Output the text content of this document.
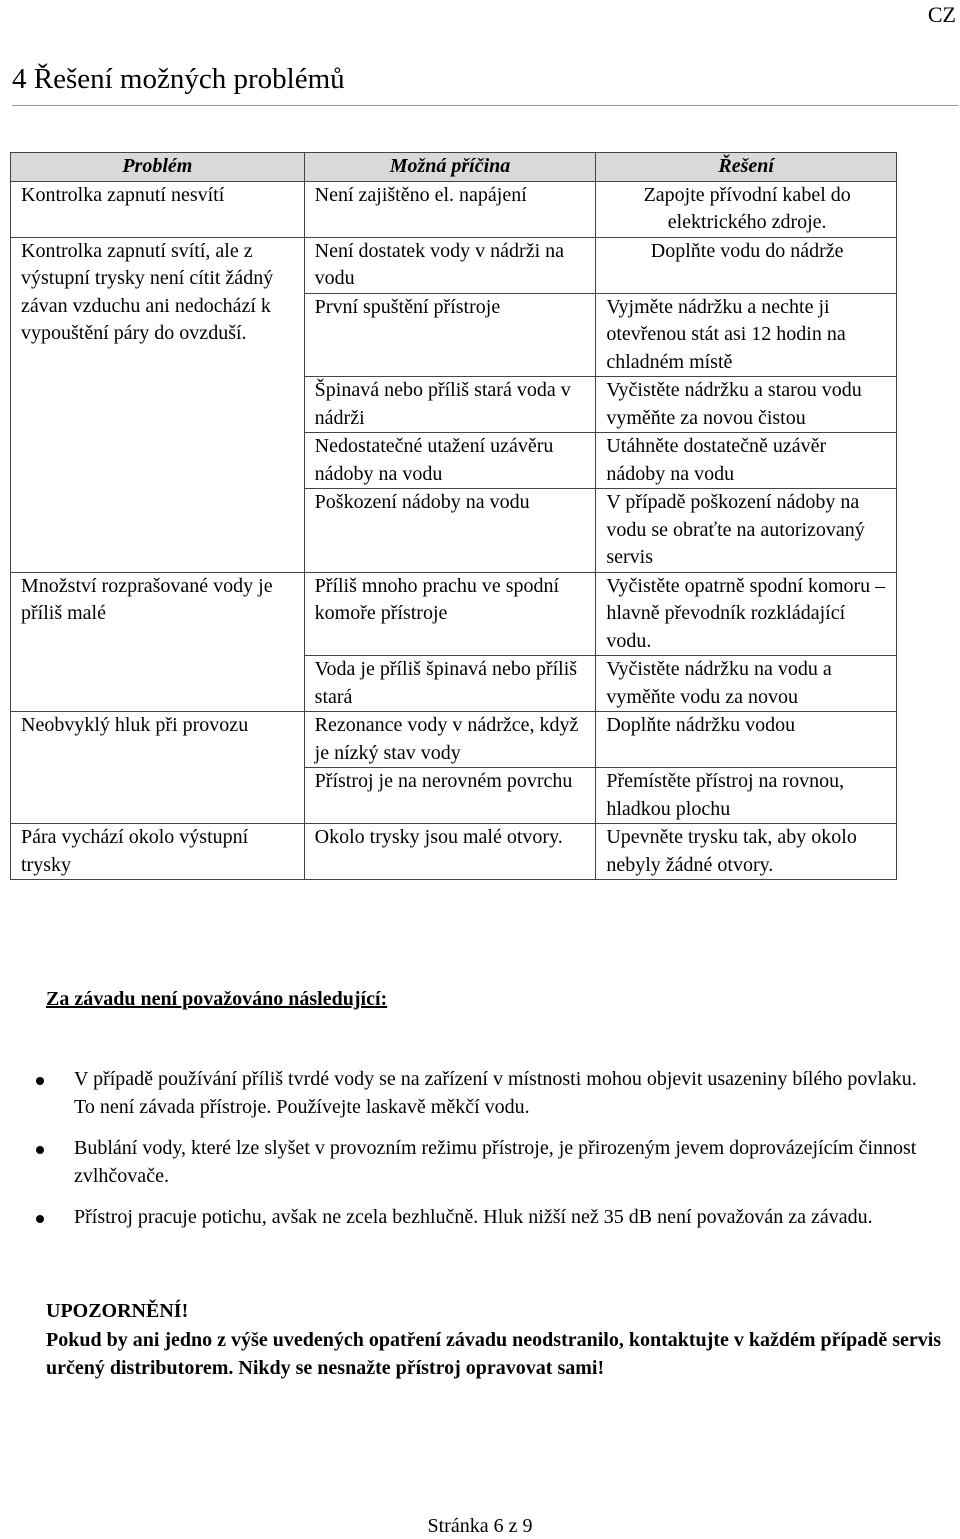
CZ
4 Řešení možných problémů
Problém	Možná příčina	Řešení
Kontrolka zapnutí nesvítí	Není zajištěno el. napájení	Zapojte přívodní kabel do elektrického zdroje.
Kontrolka zapnutí svítí, ale z výstupní trysky není cítit žádný závan vzduchu ani nedochází k vypouštění páry do ovzduší.	Není dostatek vody v nádrži na vodu	Doplňte vodu do nádrže
	První spuštění přístroje	Vyjměte nádržku a nechte ji otevřenou stát asi 12 hodin na chladném místě
	Špinavá nebo příliš stará voda v nádrži	Vyčistěte nádržku a starou vodu vyměňte za novou čistou
	Nedostatečné utažení uzávěru nádoby na vodu	Utáhněte dostatečně uzávěr nádoby na vodu
	Poškození nádoby na vodu	V případě poškození nádoby na vodu se obraťte na autorizovaný servis
Množství rozprašované vody je příliš malé	Příliš mnoho prachu ve spodní komoře přístroje	Vyčistěte opatrně spodní komoru – hlavně převodník rozkládající vodu.
	Voda je příliš špinavá nebo příliš stará	Vyčistěte nádržku na vodu a vyměňte vodu za novou
Neobvyklý hluk při provozu	Rezonance vody v nádržce, když je nízký stav vody	Doplňte nádržku vodou
	Přístroj je na nerovném povrchu	Přemístěte přístroj na rovnou, hladkou plochu
Pára vychází okolo výstupní trysky	Okolo trysky jsou malé otvory.	Upevněte trysku tak, aby okolo nebyly žádné otvory.
Za závadu není považováno následující:
V případě používání příliš tvrdé vody se na zařízení v místnosti mohou objevit usazeniny bílého povlaku. To není závada přístroje. Používejte laskavě měkčí vodu.
Bublání vody, které lze slyšet v provozním režimu přístroje, je přirozeným jevem doprovázejícím činnost zvlhčovače.
Přístroj pracuje potichu, avšak ne zcela bezhlučně. Hluk nižší než 35 dB není považován za závadu.
UPOZORNĚNÍ!
Pokud by ani jedno z výše uvedených opatření závadu neodstranilo, kontaktujte v každém případě servis určený distributorem. Nikdy se nesnažte přístroj opravovat sami!
Stránka 6 z 9
